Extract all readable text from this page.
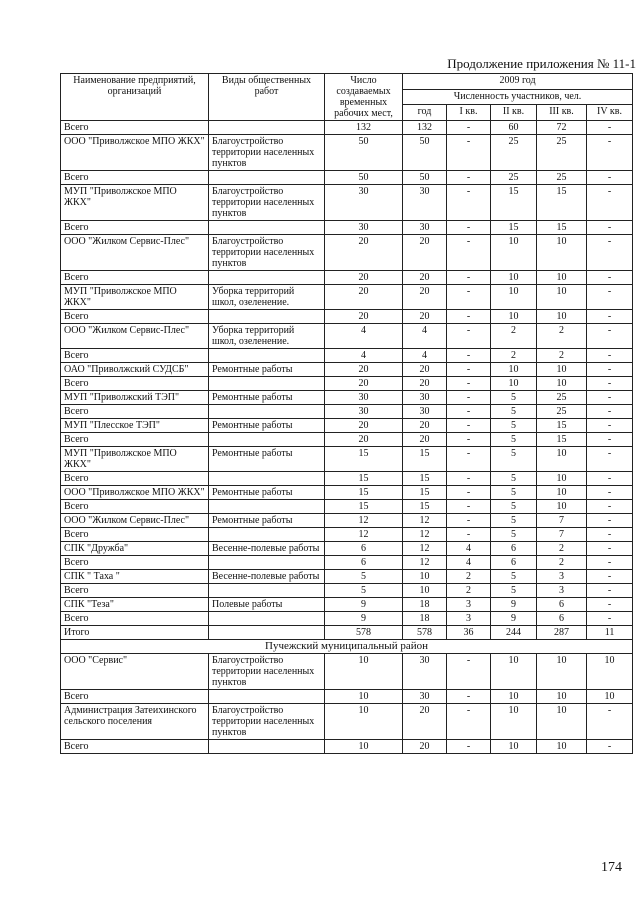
Продолжение приложения № 11-1
Наименование предприятий, организаций	Виды общественных работ	Число создаваемых временных рабочих мест,	2009 год				
			Численность участников, чел.				
			год	I кв.	II кв.	III кв.	IV кв.
Всего		132	132	-	60	72	-
ООО "Приволжское МПО ЖКХ"	Благоустройство территории населенных пунктов	50	50	-	25	25	-
Всего		50	50	-	25	25	-
МУП "Приволжское МПО ЖКХ"	Благоустройство территории населенных пунктов	30	30	-	15	15	-
Всего		30	30	-	15	15	-
ООО "Жилком Сервис-Плес"	Благоустройство территории населенных пунктов	20	20	-	10	10	-
Всего		20	20	-	10	10	-
МУП "Приволжское МПО ЖКХ"	Уборка территорий школ, озеленение.	20	20	-	10	10	-
Всего		20	20	-	10	10	-
ООО "Жилком Сервис-Плес"	Уборка территорий школ, озеленение.	4	4	-	2	2	-
Всего		4	4	-	2	2	-
ОАО "Приволжский СУДСБ"	Ремонтные работы	20	20	-	10	10	-
Всего		20	20	-	10	10	-
МУП "Приволжский ТЭП"	Ремонтные работы	30	30	-	5	25	-
Всего		30	30	-	5	25	-
МУП "Плесское ТЭП"	Ремонтные работы	20	20	-	5	15	-
Всего		20	20	-	5	15	-
МУП "Приволжское МПО ЖКХ"	Ремонтные работы	15	15	-	5	10	-
Всего		15	15	-	5	10	-
ООО "Приволжское МПО ЖКХ"	Ремонтные работы	15	15	-	5	10	-
Всего		15	15	-	5	10	-
ООО "Жилком Сервис-Плес"	Ремонтные работы	12	12	-	5	7	-
Всего		12	12	-	5	7	-
СПК "Дружба"	Весенне-полевые работы	6	12	4	6	2	-
Всего		6	12	4	6	2	-
СПК " Таха "	Весенне-полевые работы	5	10	2	5	3	-
Всего		5	10	2	5	3	-
СПК "Теза"	Полевые работы	9	18	3	9	6	-
Всего		9	18	3	9	6	-
Итого		578	578	36	244	287	11
Пучежский муниципальный район							
ООО "Сервис"	Благоустройство территории населенных пунктов	10	30	-	10	10	10
Всего		10	30	-	10	10	10
Администрация Затеихинского сельского поселения	Благоустройство территории населенных пунктов	10	20	-	10	10	-
Всего		10	20	-	10	10	-
174
